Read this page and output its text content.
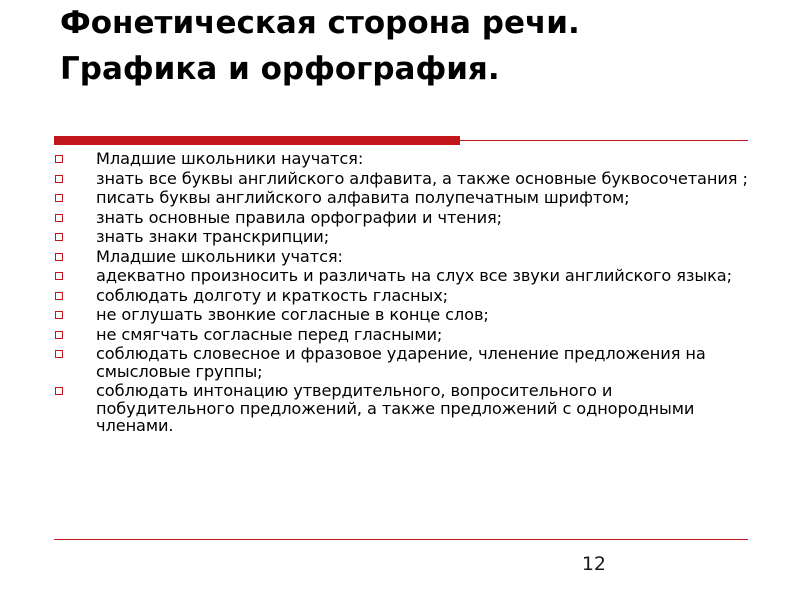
Фонетическая сторона речи.
Графика и орфография.
Младшие школьники научатся:
знать все буквы английского алфавита, а также основные буквосочетания ;
писать буквы английского алфавита полупечатным шрифтом;
знать основные правила орфографии и чтения;
знать знаки транскрипции;
Младшие школьники учатся:
адекватно произносить и различать на слух все звуки английского языка;
соблюдать долготу и краткость гласных;
не оглушать звонкие согласные в конце слов;
не смягчать согласные перед гласными;
соблюдать словесное и фразовое ударение, членение предложения на смысловые группы;
соблюдать интонацию утвердительного, вопросительного и побудительного предложений, а также предложений с однородными членами.
12
